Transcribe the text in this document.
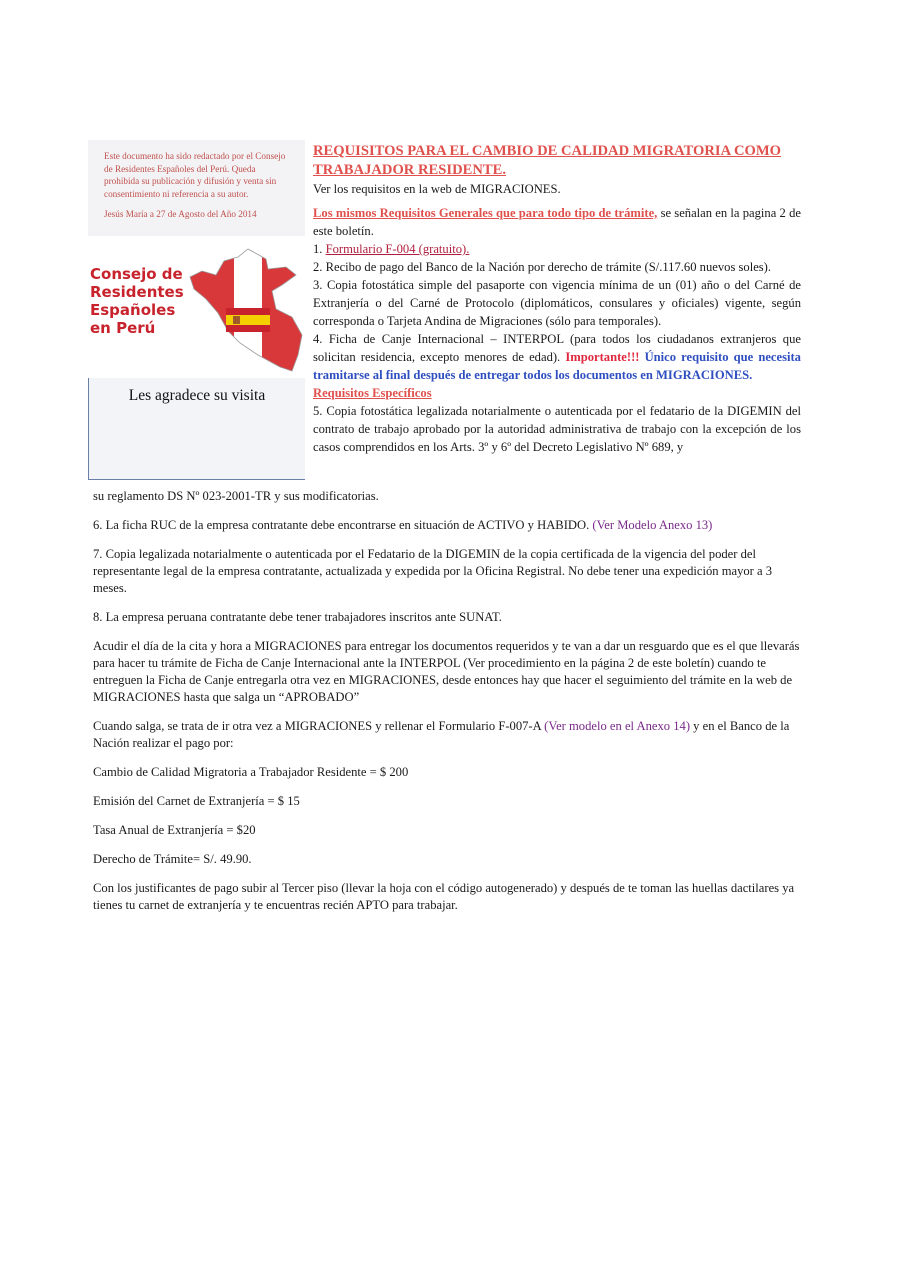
Este documento ha sido redactado por el Consejo de Residentes Españoles del Perú. Queda prohibida su publicación y difusión y venta sin consentimiento ni referencia a su autor.

Jesús María a 27 de Agosto del Año 2014

Consejo de
Residentes
Españoles
en Perú
Les agradece su visita

REQUISITOS PARA EL CAMBIO DE CALIDAD MIGRATORIA COMO TRABAJADOR RESIDENTE.

Ver los requisitos en la web de MIGRACIONES.

Los mismos Requisitos Generales que para todo tipo de trámite, se señalan en la pagina 2 de este boletín.

1. Formulario F-004 (gratuito).

2. Recibo de pago del Banco de la Nación por derecho de trámite (S/.117.60 nuevos soles).

3. Copia fotostática simple del pasaporte con vigencia mínima de un (01) año o del Carné de Extranjería o del Carné de Protocolo (diplomáticos, consulares y oficiales) vigente, según corresponda o Tarjeta Andina de Migraciones (sólo para temporales).

4. Ficha de Canje Internacional – INTERPOL (para todos los ciudadanos extranjeros que solicitan residencia, excepto menores de edad). Importante!!! Único requisito que necesita tramitarse al final después de entregar todos los documentos en MIGRACIONES.

Requisitos Específicos

5. Copia fotostática legalizada notarialmente o autenticada por el fedatario de la DIGEMIN del contrato de trabajo aprobado por la autoridad administrativa de trabajo con la excepción de los casos comprendidos en los Arts. 3º y 6º del Decreto Legislativo Nº 689, y

su reglamento DS Nº 023-2001-TR y sus modificatorias.

6. La ficha RUC de la empresa contratante debe encontrarse en situación de ACTIVO y HABIDO. (Ver Modelo Anexo 13)

7. Copia legalizada notarialmente o autenticada por el Fedatario de la DIGEMIN de la copia certificada de la vigencia del poder del representante legal de la empresa contratante, actualizada y expedida por la Oficina Registral. No debe tener una expedición mayor a 3 meses.

8. La empresa peruana contratante debe tener trabajadores inscritos ante SUNAT.

Acudir el día de la cita y hora a MIGRACIONES para entregar los documentos requeridos y te van a dar un resguardo que es el que llevarás para hacer tu trámite de Ficha de Canje Internacional ante la INTERPOL (Ver procedimiento en la página 2 de este boletín) cuando te entreguen la Ficha de Canje entregarla otra vez en MIGRACIONES, desde entonces hay que hacer el seguimiento del trámite en la web de MIGRACIONES hasta que salga un “APROBADO”

Cuando salga, se trata de ir otra vez a MIGRACIONES y rellenar el Formulario F-007-A (Ver modelo en el Anexo 14) y en el Banco de la Nación realizar el pago por:

Cambio de Calidad Migratoria a Trabajador Residente = $ 200

Emisión del Carnet de Extranjería = $ 15

Tasa Anual de Extranjería = $20

Derecho de Trámite= S/. 49.90.

Con los justificantes de pago subir al Tercer piso (llevar la hoja con el código autogenerado) y después de te toman las huellas dactilares ya tienes tu carnet de extranjería y te encuentras recién APTO para trabajar.
